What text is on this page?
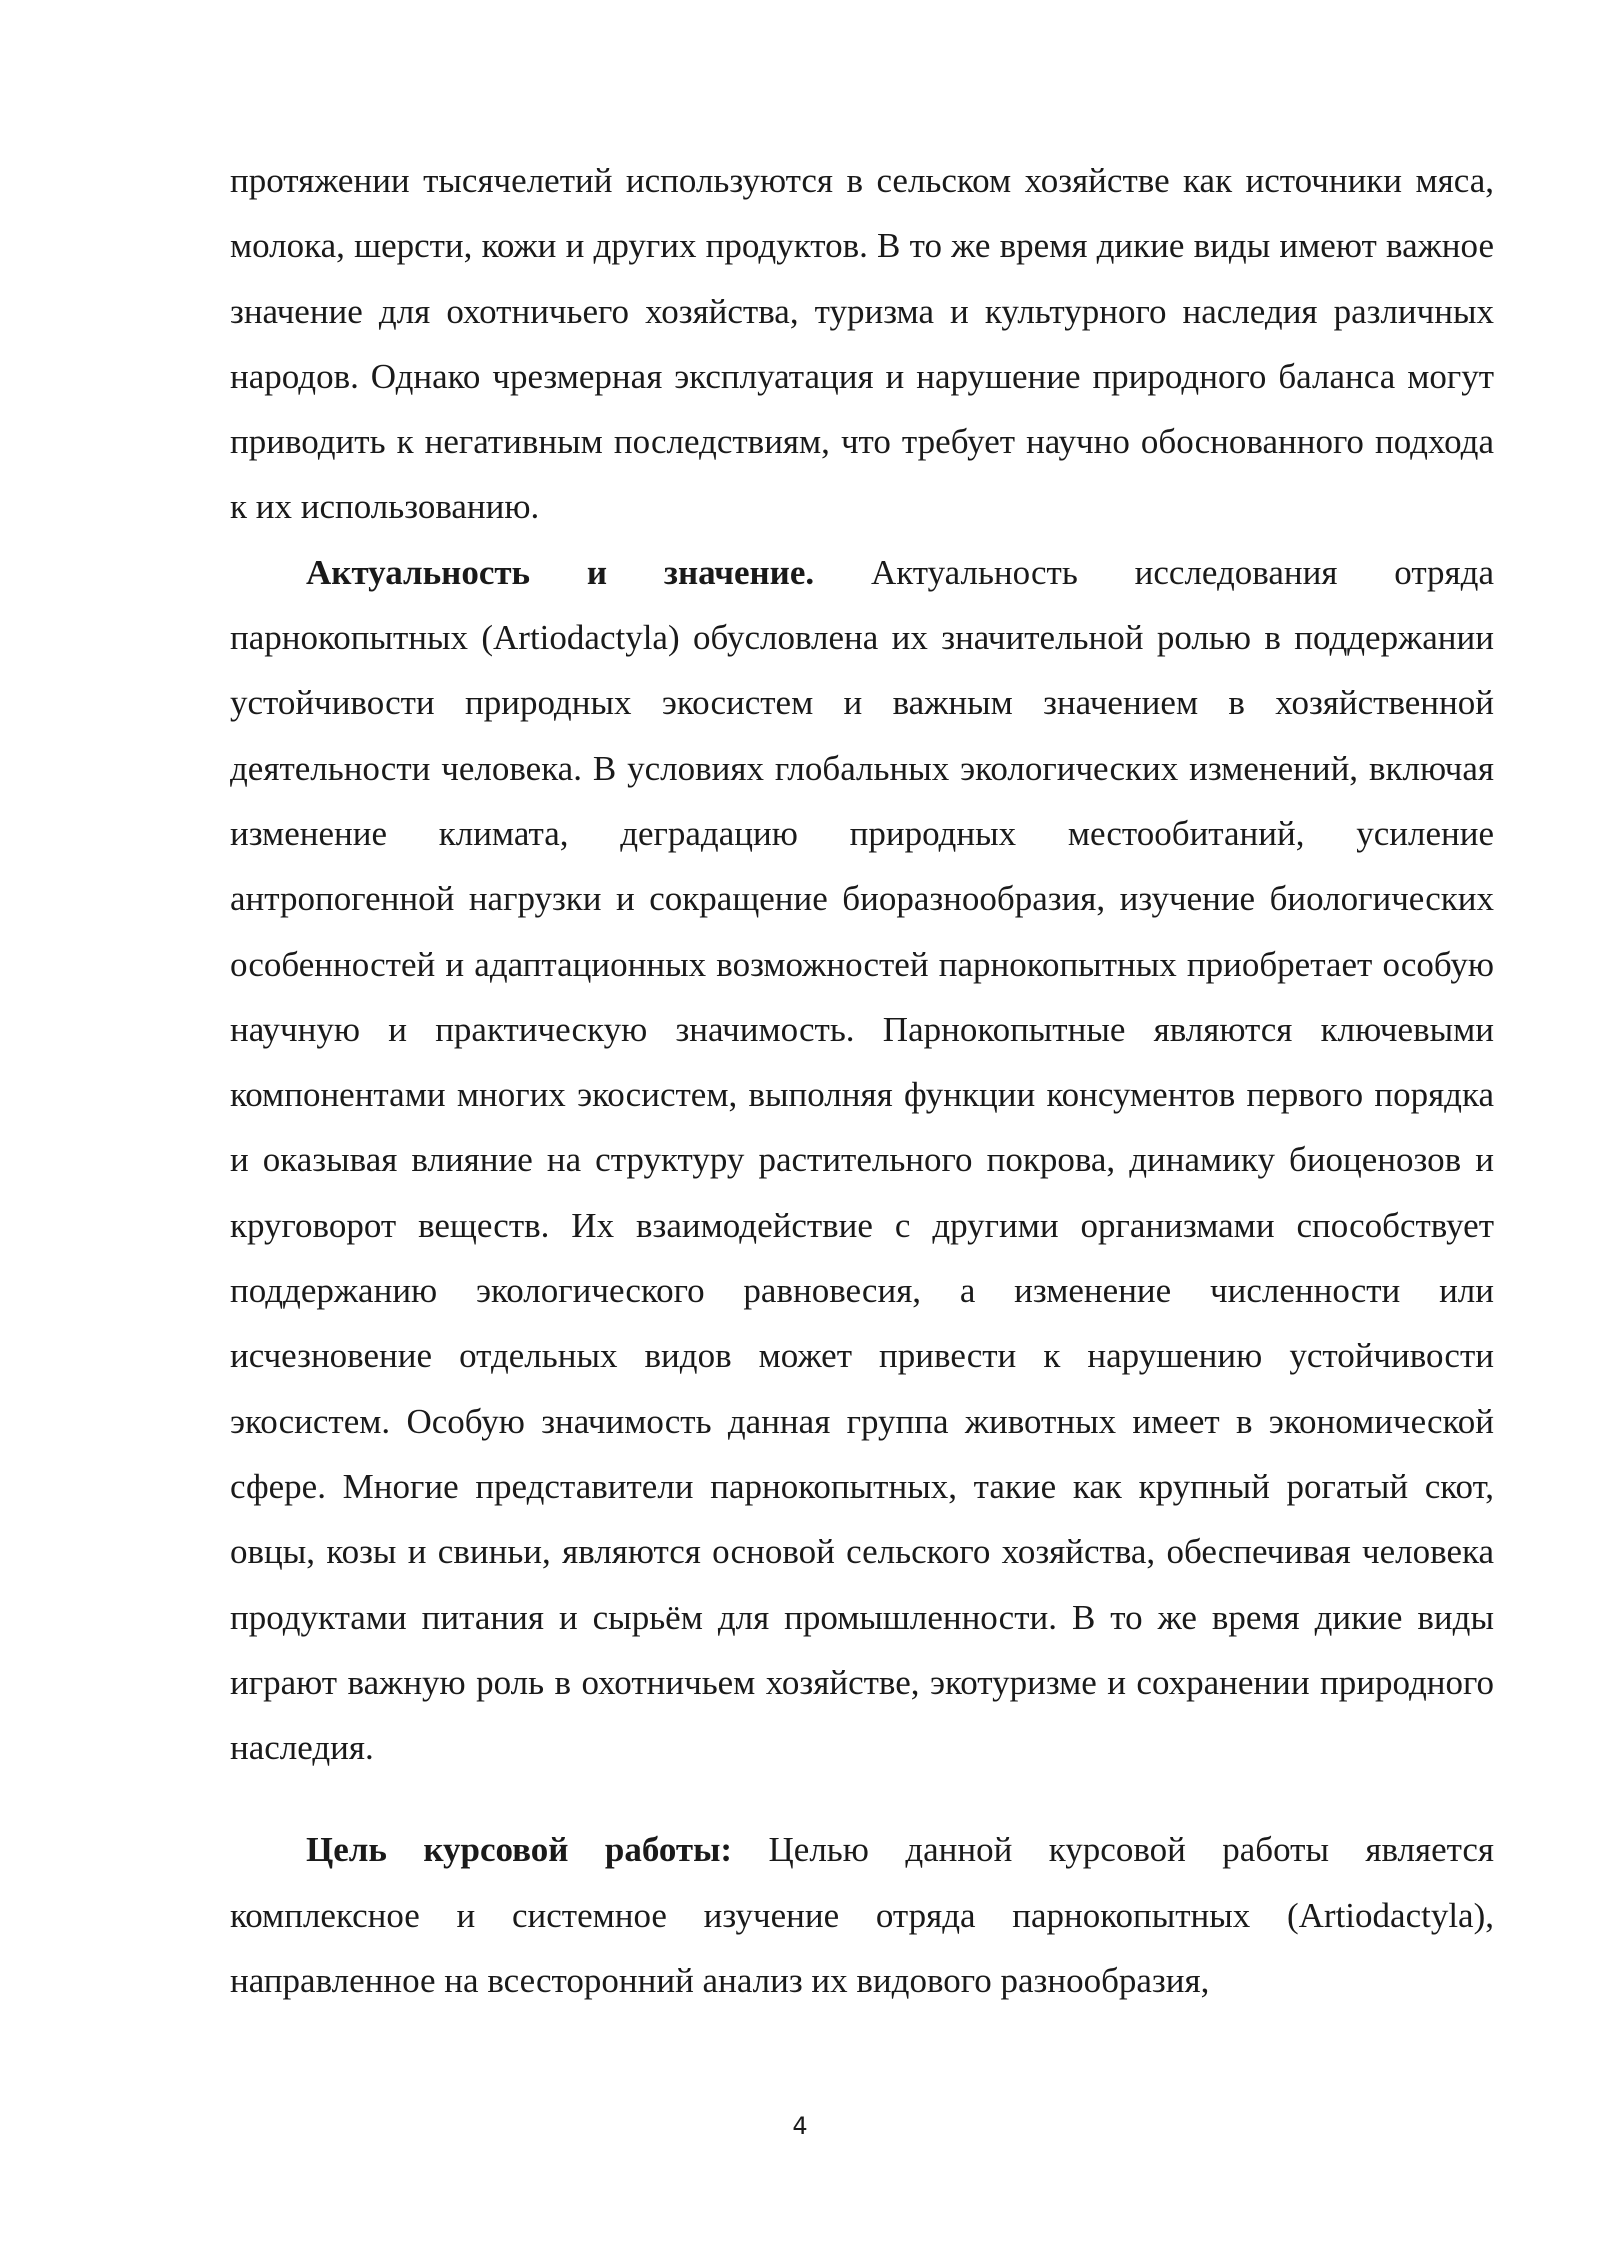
протяжении тысячелетий используются в сельском хозяйстве как источники мяса, молока, шерсти, кожи и других продуктов. В то же время дикие виды имеют важное значение для охотничьего хозяйства, туризма и культурного наследия различных народов. Однако чрезмерная эксплуатация и нарушение природного баланса могут приводить к негативным последствиям, что требует научно обоснованного подхода к их использованию.

Актуальность и значение. Актуальность исследования отряда парнокопытных (Artiodactyla) обусловлена их значительной ролью в поддержании устойчивости природных экосистем и важным значением в хозяйственной деятельности человека. В условиях глобальных экологических изменений, включая изменение климата, деградацию природных местообитаний, усиление антропогенной нагрузки и сокращение биоразнообразия, изучение биологических особенностей и адаптационных возможностей парнокопытных приобретает особую научную и практическую значимость. Парнокопытные являются ключевыми компонентами многих экосистем, выполняя функции консументов первого порядка и оказывая влияние на структуру растительного покрова, динамику биоценозов и круговорот веществ. Их взаимодействие с другими организмами способствует поддержанию экологического равновесия, а изменение численности или исчезновение отдельных видов может привести к нарушению устойчивости экосистем. Особую значимость данная группа животных имеет в экономической сфере. Многие представители парнокопытных, такие как крупный рогатый скот, овцы, козы и свиньи, являются основой сельского хозяйства, обеспечивая человека продуктами питания и сырьём для промышленности. В то же время дикие виды играют важную роль в охотничьем хозяйстве, экотуризме и сохранении природного наследия.

Цель курсовой работы: Целью данной курсовой работы является комплексное и системное изучение отряда парнокопытных (Artiodactyla), направленное на всесторонний анализ их видового разнообразия,

4
